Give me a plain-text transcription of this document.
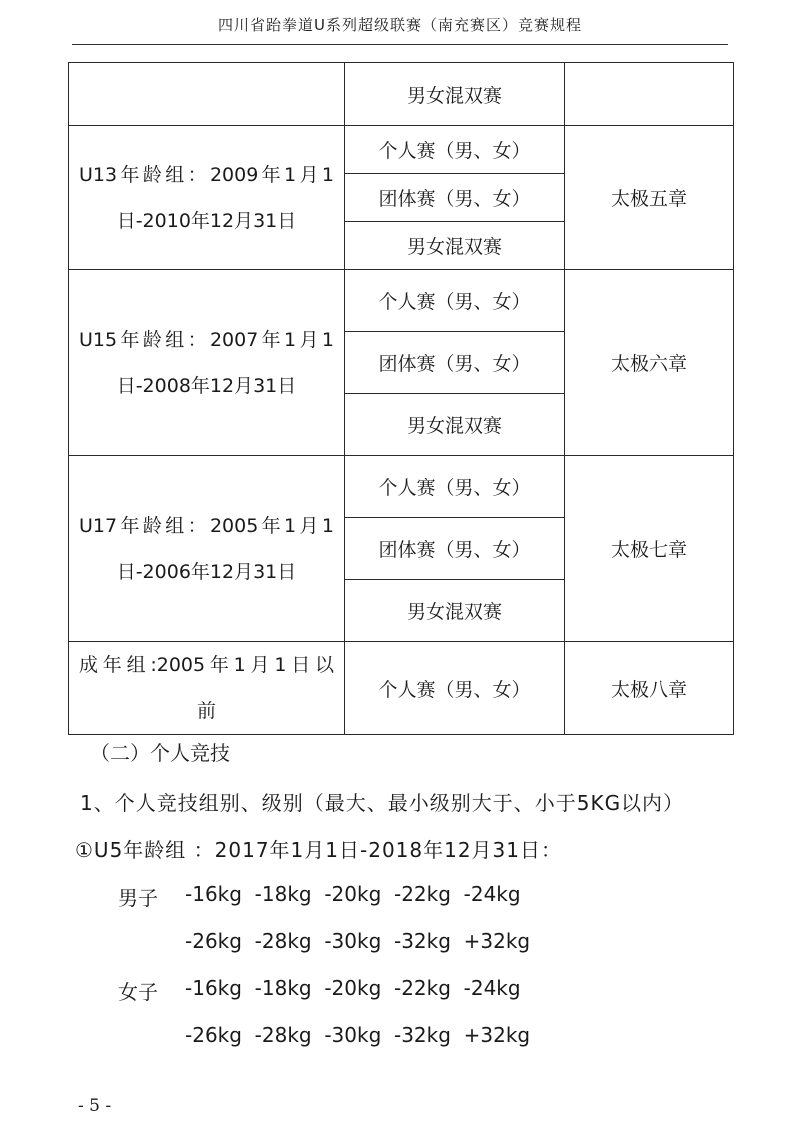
四川省跆拳道U系列超级联赛（南充赛区）竞赛规程
	男女混双赛	

U13年龄组：2009年1月1
日-2010年12月31日	个人赛（男、女）	太极五章
	团体赛（男、女）	
	男女混双赛	

U15年龄组：2007年1月1
日-2008年12月31日	个人赛（男、女）	太极六章
	团体赛（男、女）	
	男女混双赛	

U17年龄组：2005年1月1
日-2006年12月31日	个人赛（男、女）	太极七章
	团体赛（男、女）	
	男女混双赛	

成年组:2005年1月1日以
前	个人赛（男、女）	太极八章
（二）个人竞技
1、个人竞技组别、级别（最大、最小级别大于、小于5KG以内）
①U5年龄组 ：2017年1月1日-2018年12月31日：
男子 -16kg  -18kg  -20kg  -22kg  -24kg
-26kg  -28kg  -30kg  -32kg  +32kg
女子 -16kg  -18kg  -20kg  -22kg  -24kg
-26kg  -28kg  -30kg  -32kg  +32kg
- 5 -
